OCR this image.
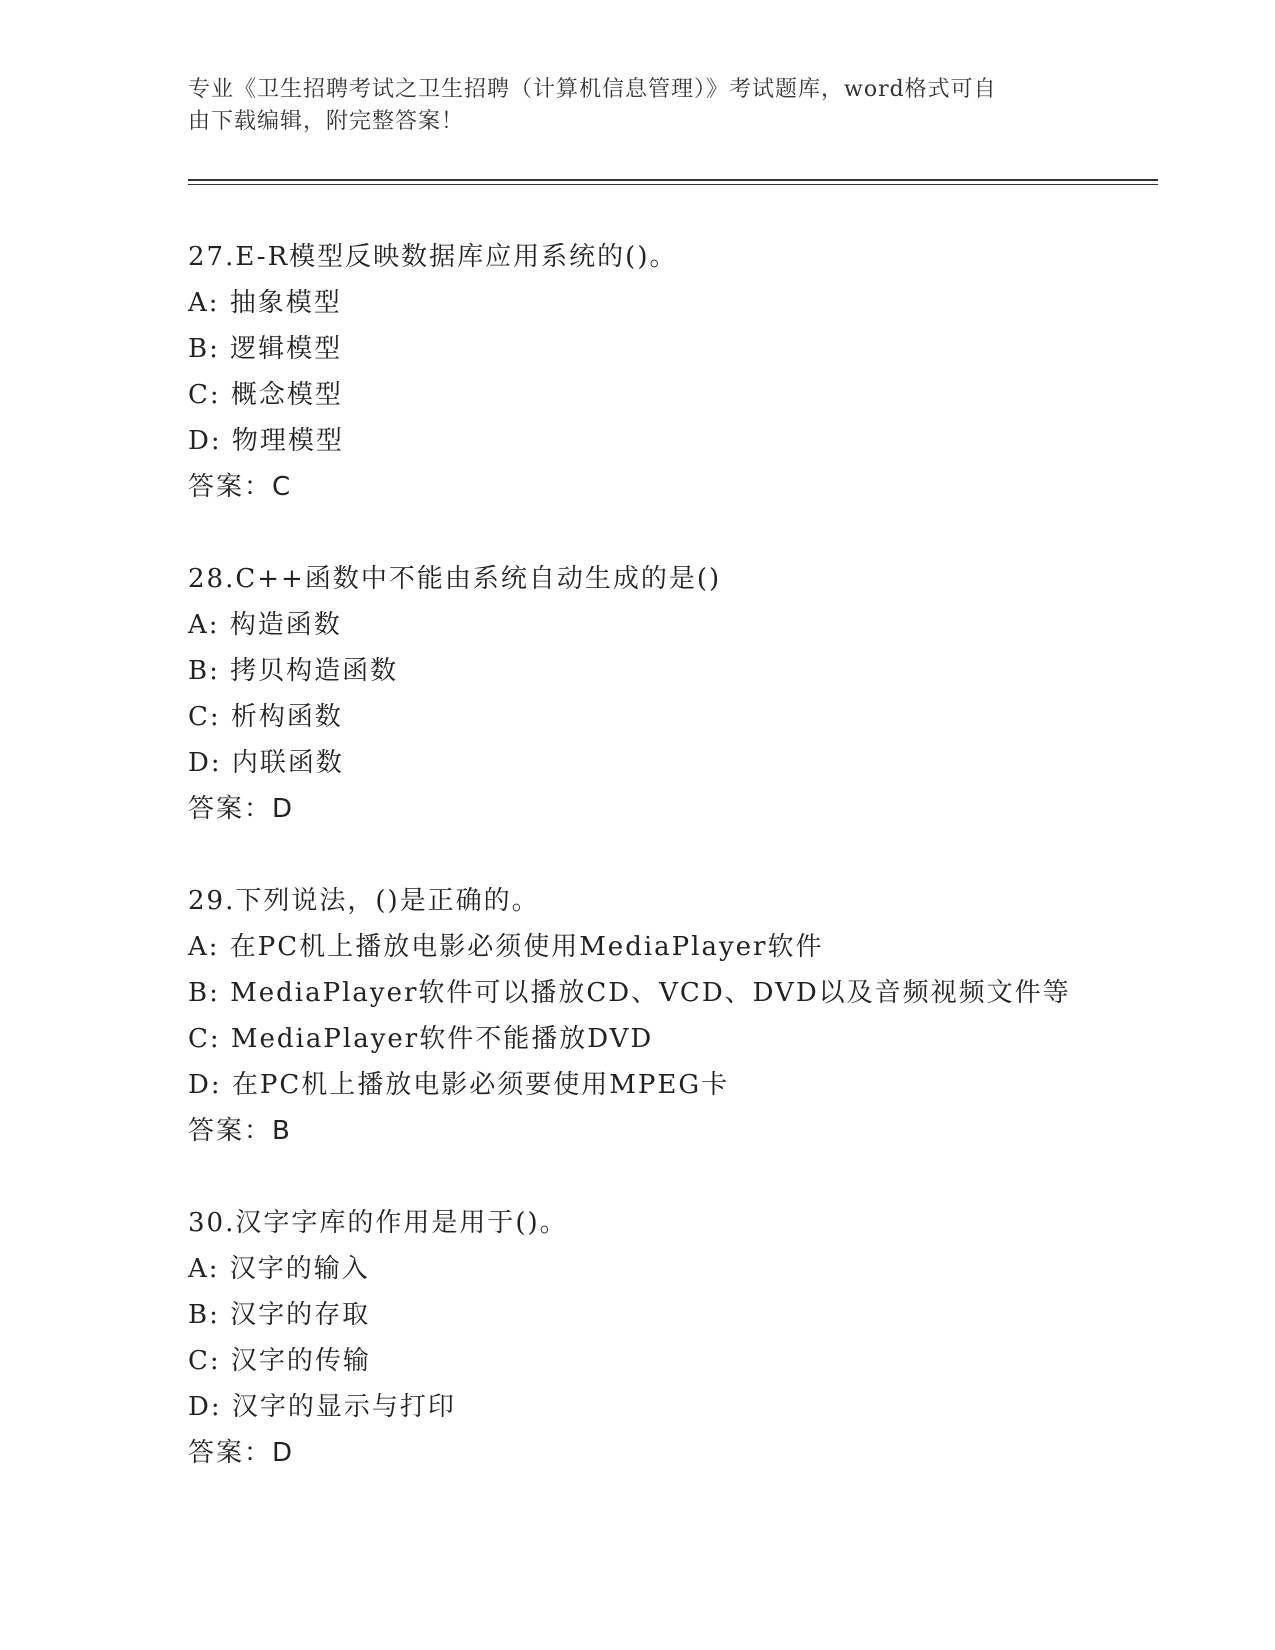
专业《卫生招聘考试之卫生招聘（计算机信息管理）》考试题库，word格式可自
由下载编辑，附完整答案！
27.E-R模型反映数据库应用系统的()。
A: 抽象模型
B: 逻辑模型
C: 概念模型
D: 物理模型
答案：C
28.C++函数中不能由系统自动生成的是()
A: 构造函数
B: 拷贝构造函数
C: 析构函数
D: 内联函数
答案：D
29.下列说法，()是正确的。
A: 在PC机上播放电影必须使用MediaPlayer软件
B: MediaPlayer软件可以播放CD、VCD、DVD以及音频视频文件等
C: MediaPlayer软件不能播放DVD
D: 在PC机上播放电影必须要使用MPEG卡
答案：B
30.汉字字库的作用是用于()。
A: 汉字的输入
B: 汉字的存取
C: 汉字的传输
D: 汉字的显示与打印
答案：D
